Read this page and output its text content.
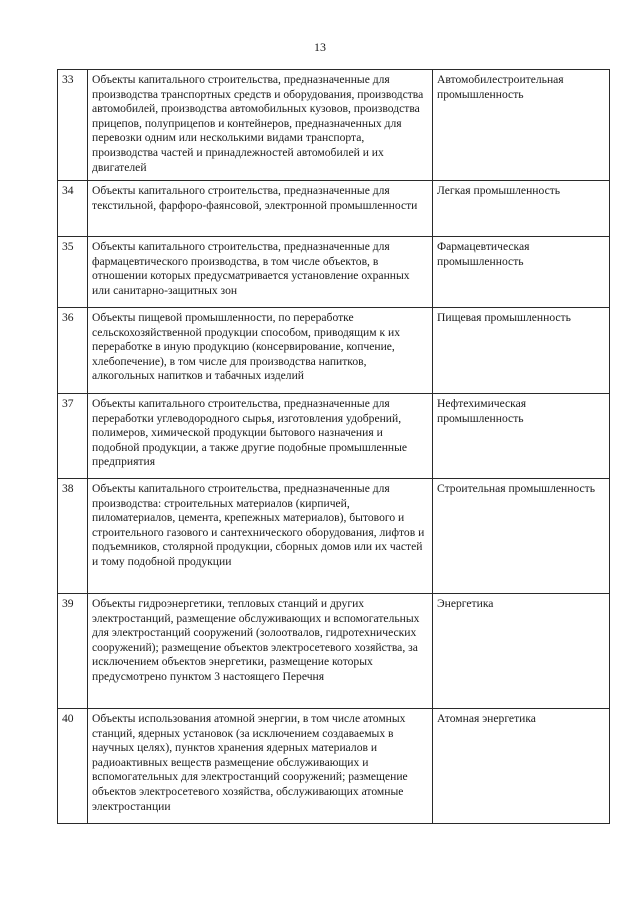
13
33	Объекты капитального строительства, предназначенные для производства транспортных средств и оборудования, производства автомобилей, производства автомобильных кузовов, производства прицепов, полуприцепов и контейнеров, предназначенных для перевозки одним или несколькими видами транспорта, производства частей и принадлежностей автомобилей и их двигателей	Автомобилестроительная промышленность
34	Объекты капитального строительства, предназначенные для текстильной, фарфоро-фаянсовой, электронной промышленности	Легкая промышленность
35	Объекты капитального строительства, предназначенные для фармацевтического производства, в том числе объектов, в отношении которых предусматривается установление охранных или санитарно-защитных зон	Фармацевтическая промышленность
36	Объекты пищевой промышленности, по переработке сельскохозяйственной продукции способом, приводящим к их переработке в иную продукцию (консервирование, копчение, хлебопечение), в том числе для производства напитков, алкогольных напитков и табачных изделий	Пищевая промышленность
37	Объекты капитального строительства, предназначенные для переработки углеводородного сырья, изготовления удобрений, полимеров, химической продукции бытового назначения и подобной продукции, а также другие подобные промышленные предприятия	Нефтехимическая промышленность
38	Объекты капитального строительства, предназначенные для производства: строительных материалов (кирпичей, пиломатериалов, цемента, крепежных материалов), бытового и строительного газового и сантехнического оборудования, лифтов и подъемников, столярной продукции, сборных домов или их частей и тому подобной продукции	Строительная промышленность
39	Объекты гидроэнергетики, тепловых станций и других электростанций, размещение обслуживающих и вспомогательных для электростанций сооружений (золоотвалов, гидротехнических сооружений); размещение объектов электросетевого хозяйства, за исключением объектов энергетики, размещение которых предусмотрено пунктом 3 настоящего Перечня	Энергетика
40	Объекты использования атомной энергии, в том числе атомных станций, ядерных установок (за исключением создаваемых в научных целях), пунктов хранения ядерных материалов и радиоактивных веществ размещение обслуживающих и вспомогательных для электростанций сооружений; размещение объектов электросетевого хозяйства, обслуживающих атомные электростанции	Атомная энергетика
